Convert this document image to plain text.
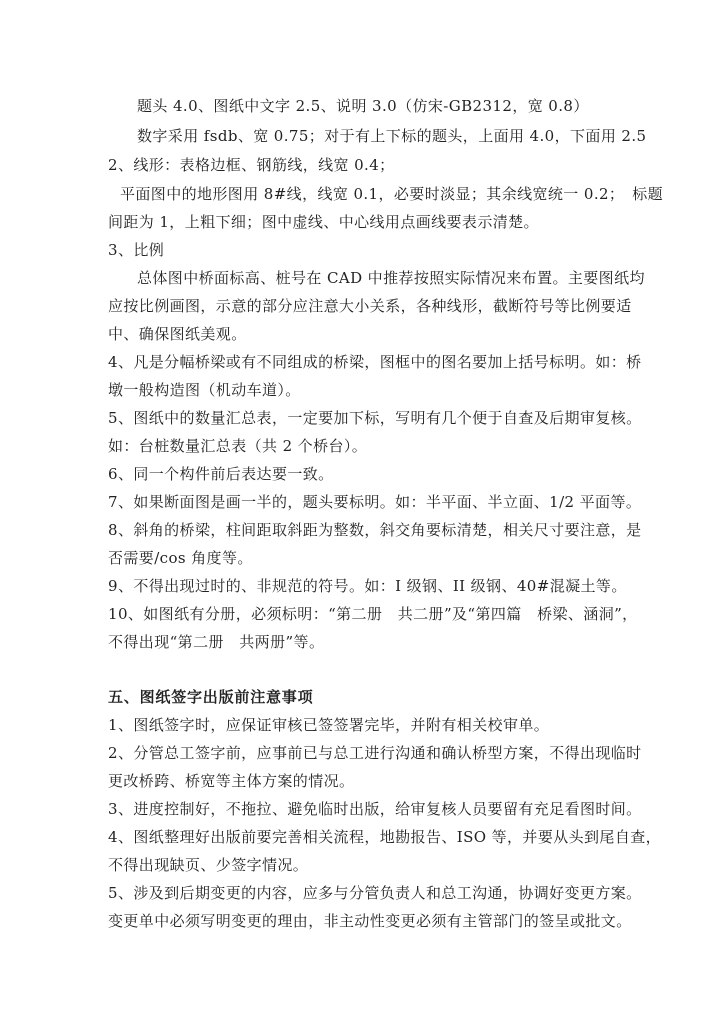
题头 4.0、图纸中文字 2.5、说明 3.0（仿宋-GB2312，宽 0.8）
数字采用 fsdb、宽 0.75；对于有上下标的题头，上面用 4.0，下面用 2.5
2、线形：表格边框、钢筋线，线宽 0.4；
平面图中的地形图用 8#线，线宽 0.1，必要时淡显；其余线宽统一 0.2；　标题
间距为 1，上粗下细；图中虚线、中心线用点画线要表示清楚。
3、比例
总体图中桥面标高、桩号在 CAD 中推荐按照实际情况来布置。主要图纸均
应按比例画图，示意的部分应注意大小关系，各种线形，截断符号等比例要适
中、确保图纸美观。
4、凡是分幅桥梁或有不同组成的桥梁，图框中的图名要加上括号标明。如：桥
墩一般构造图（机动车道）。
5、图纸中的数量汇总表，一定要加下标，写明有几个便于自查及后期审复核。
如：台桩数量汇总表（共 2 个桥台）。
6、同一个构件前后表达要一致。
7、如果断面图是画一半的，题头要标明。如：半平面、半立面、1/2 平面等。
8、斜角的桥梁，柱间距取斜距为整数，斜交角要标清楚，相关尺寸要注意，是
否需要/cos 角度等。
9、不得出现过时的、非规范的符号。如：I 级钢、II 级钢、40#混凝土等。
10、如图纸有分册，必须标明：“第二册　共二册”及“第四篇　桥梁、涵洞”，
不得出现“第二册　共两册”等。
五、图纸签字出版前注意事项
1、图纸签字时，应保证审核已签签署完毕，并附有相关校审单。
2、分管总工签字前，应事前已与总工进行沟通和确认桥型方案，不得出现临时
更改桥跨、桥宽等主体方案的情况。
3、进度控制好，不拖拉、避免临时出版，给审复核人员要留有充足看图时间。
4、图纸整理好出版前要完善相关流程，地勘报告、ISO 等，并要从头到尾自查，
不得出现缺页、少签字情况。
5、涉及到后期变更的内容，应多与分管负责人和总工沟通，协调好变更方案。
变更单中必须写明变更的理由，非主动性变更必须有主管部门的签呈或批文。
